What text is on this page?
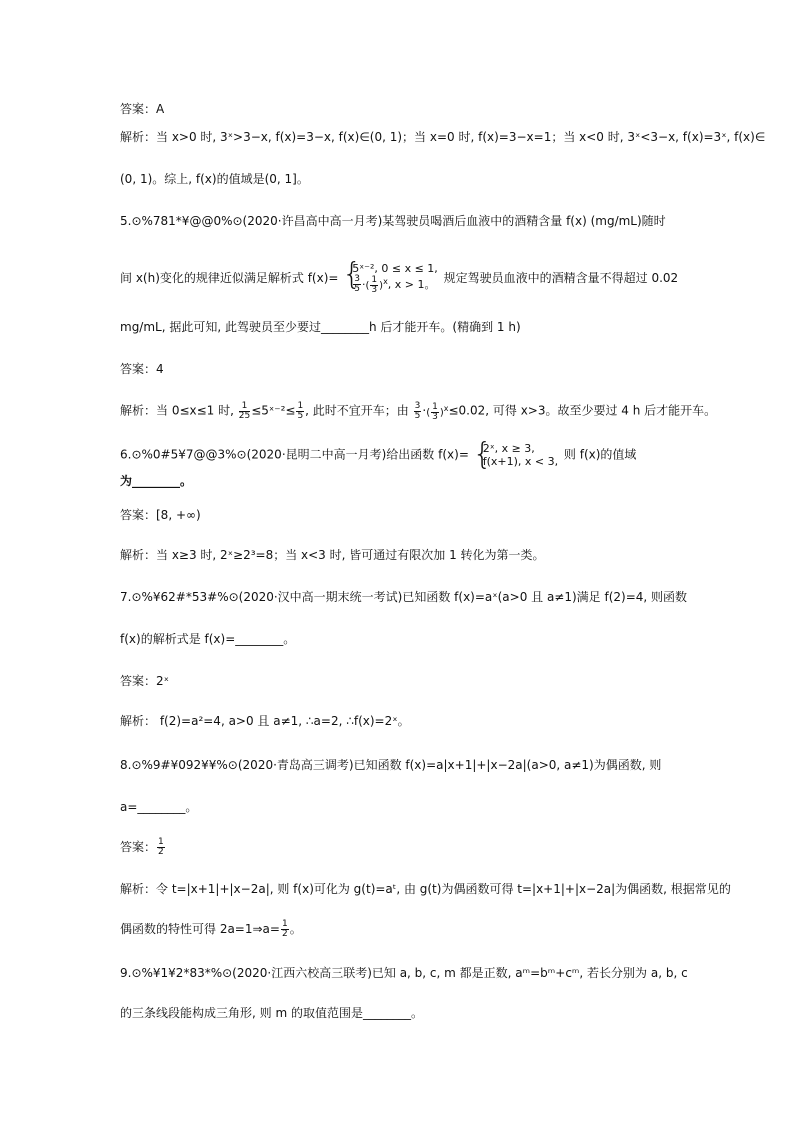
答案：A
解析：当 x>0 时, 3ˣ>3−x, f(x)=3−x, f(x)∈(0, 1)；当 x=0 时, f(x)=3−x=1；当 x<0 时, 3ˣ<3−x, f(x)=3ˣ, f(x)∈
(0, 1)。综上, f(x)的值域是(0, 1]。
5.⊙%781*¥@@0%⊙(2020·许昌高中高一月考)某驾驶员喝酒后血液中的酒精含量 f(x) (mg/mL)随时
间 x(h)变化的规律近似满足解析式 f(x)= { 5ˣ⁻², 0 ≤ x ≤ 1,

$\frac{3}{5}$ ·( $\frac{1}{3} )^x$, x > 1。 规定驾驶员血液中的酒精含量不得超过 0.02
mg/mL, 据此可知, 此驾驶员至少要过________h 后才能开车。(精确到 1 h)
答案：4
解析：当 0≤x≤1 时, $\frac{1}{25}$ ≤5ˣ⁻²≤ $\frac{1}{5}$ , 此时不宜开车；由 $\frac{3}{5}$ ·( $\frac{1}{3} )^x\le 0.02$, 可得 x>3。故至少要过 4 h 后才能开车。
6.⊙%0#5¥7@@3%⊙(2020·昆明二中高一月考)给出函数 f(x)= { 2ˣ, x ≥ 3,
f(x+1), x < 3, 则 f(x)的值域
为________。
答案：[8, +∞)
解析：当 x≥3 时, 2ˣ≥2³=8；当 x<3 时, 皆可通过有限次加 1 转化为第一类。
7.⊙%¥62#*53#%⊙(2020·汉中高一期末统一考试)已知函数 f(x)=aˣ(a>0 且 a≠1)满足 f(2)=4, 则函数
f(x)的解析式是 f(x)=________。
答案：2ˣ
解析： f(2)=a²=4, a>0 且 a≠1, ∴a=2, ∴f(x)=2ˣ。
8.⊙%9#¥092¥¥%⊙(2020·青岛高三调考)已知函数 f(x)=a|x+1|+|x−2a|(a>0, a≠1)为偶函数, 则
a=________。
答案： $\frac{1}{2}$
解析：令 t=|x+1|+|x−2a|, 则 f(x)可化为 g(t)=aᵗ, 由 g(t)为偶函数可得 t=|x+1|+|x−2a|为偶函数, 根据常见的
偶函数的特性可得 2a=1⇒a= $\frac{1}{2}$ 。
9.⊙%¥1¥2*83*%⊙(2020·江西六校高三联考)已知 a, b, c, m 都是正数, aᵐ=bᵐ+cᵐ, 若长分别为 a, b, c
的三条线段能构成三角形, 则 m 的取值范围是________。
